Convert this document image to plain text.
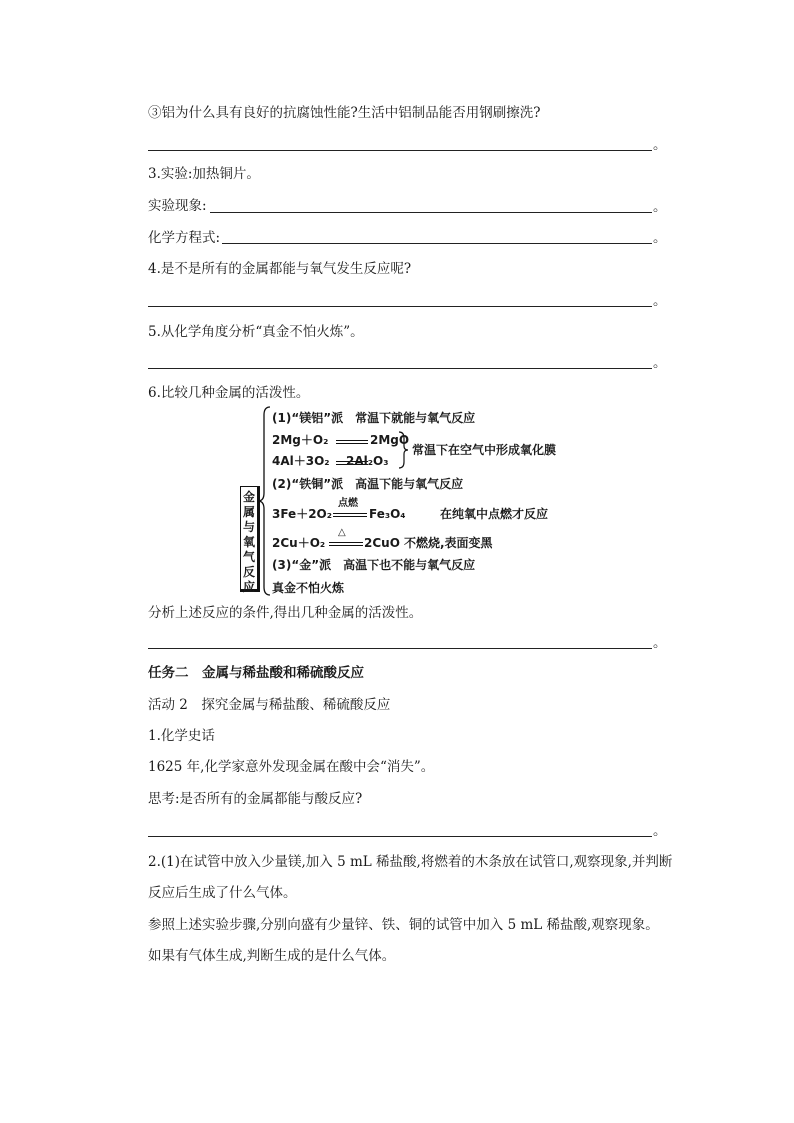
③铝为什么具有良好的抗腐蚀性能?生活中铝制品能否用钢刷擦洗?
。
3.实验:加热铜片。
实验现象:	。
化学方程式:	。
4.是不是所有的金属都能与氧气发生反应呢?
。
5.从化学角度分析“真金不怕火炼”。
。
6.比较几种金属的活泼性。
金
属
与
氧
气
反
应
(1)“镁铝”派　常温下就能与氧气反应
2Mg＋O₂	2MgO
4Al＋3O₂ 2Al₂O₃
常温下在空气中形成氧化膜
(2)“铁铜”派　高温下能与氧气反应
3Fe＋2O₂
点燃
Fe₃O₄	在纯氧中点燃才反应
2Cu＋O₂
△
2CuO 不燃烧,表面变黑
(3)“金”派　高温下也不能与氧气反应
真金不怕火炼
分析上述反应的条件,得出几种金属的活泼性。
。
任务二　金属与稀盐酸和稀硫酸反应
活动 2　探究金属与稀盐酸、稀硫酸反应
1.化学史话
1625 年,化学家意外发现金属在酸中会“消失”。
思考:是否所有的金属都能与酸反应?
。
2.(1)在试管中放入少量镁,加入 5 mL 稀盐酸,将燃着的木条放在试管口,观察现象,并判断
反应后生成了什么气体。
参照上述实验步骤,分别向盛有少量锌、铁、铜的试管中加入 5 mL 稀盐酸,观察现象。
如果有气体生成,判断生成的是什么气体。
